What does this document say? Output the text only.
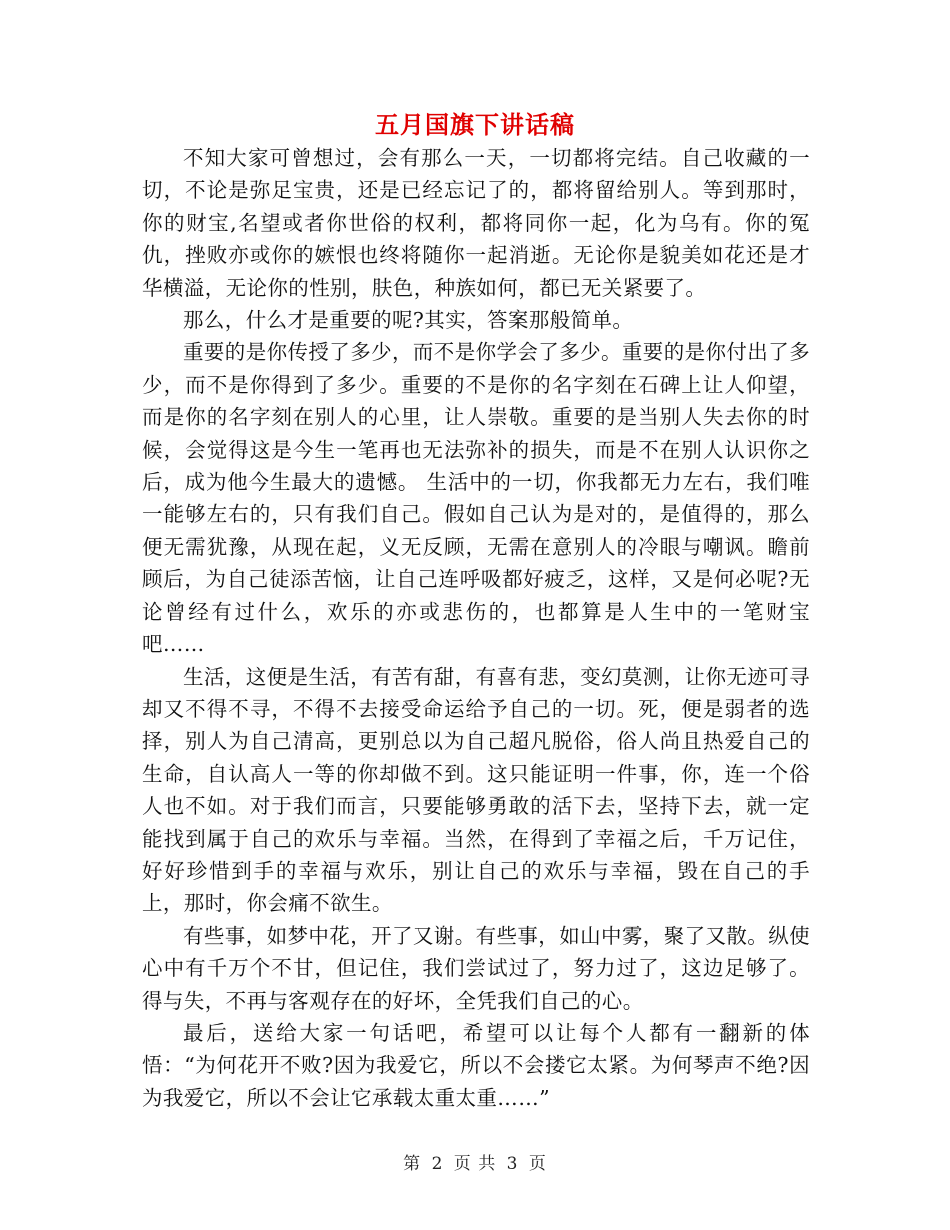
五月国旗下讲话稿

不知大家可曾想过，会有那么一天，一切都将完结。自己收藏的一切，不论是弥足宝贵，还是已经忘记了的，都将留给别人。等到那时，你的财宝,名望或者你世俗的权利，都将同你一起，化为乌有。你的冤仇，挫败亦或你的嫉恨也终将随你一起消逝。无论你是貌美如花还是才华横溢，无论你的性别，肤色，种族如何，都已无关紧要了。

那么，什么才是重要的呢?其实，答案那般简单。

重要的是你传授了多少，而不是你学会了多少。重要的是你付出了多少，而不是你得到了多少。重要的不是你的名字刻在石碑上让人仰望，而是你的名字刻在别人的心里，让人崇敬。重要的是当别人失去你的时候，会觉得这是今生一笔再也无法弥补的损失，而是不在别人认识你之后，成为他今生最大的遗憾。 生活中的一切，你我都无力左右，我们唯一能够左右的，只有我们自己。假如自己认为是对的，是值得的，那么便无需犹豫，从现在起，义无反顾，无需在意别人的冷眼与嘲讽。瞻前顾后，为自己徒添苦恼，让自己连呼吸都好疲乏，这样，又是何必呢?无论曾经有过什么，欢乐的亦或悲伤的，也都算是人生中的一笔财宝吧……

生活，这便是生活，有苦有甜，有喜有悲，变幻莫测，让你无迹可寻却又不得不寻，不得不去接受命运给予自己的一切。死，便是弱者的选择，别人为自己清高，更别总以为自己超凡脱俗，俗人尚且热爱自己的生命，自认高人一等的你却做不到。这只能证明一件事，你，连一个俗人也不如。对于我们而言，只要能够勇敢的活下去，坚持下去，就一定能找到属于自己的欢乐与幸福。当然，在得到了幸福之后，千万记住，好好珍惜到手的幸福与欢乐，别让自己的欢乐与幸福，毁在自己的手上，那时，你会痛不欲生。

有些事，如梦中花，开了又谢。有些事，如山中雾，聚了又散。纵使心中有千万个不甘，但记住，我们尝试过了，努力过了，这边足够了。得与失，不再与客观存在的好坏，全凭我们自己的心。

最后，送给大家一句话吧，希望可以让每个人都有一翻新的体悟：“为何花开不败?因为我爱它，所以不会搂它太紧。为何琴声不绝?因为我爱它，所以不会让它承载太重太重……”

第 2 页 共 3 页
